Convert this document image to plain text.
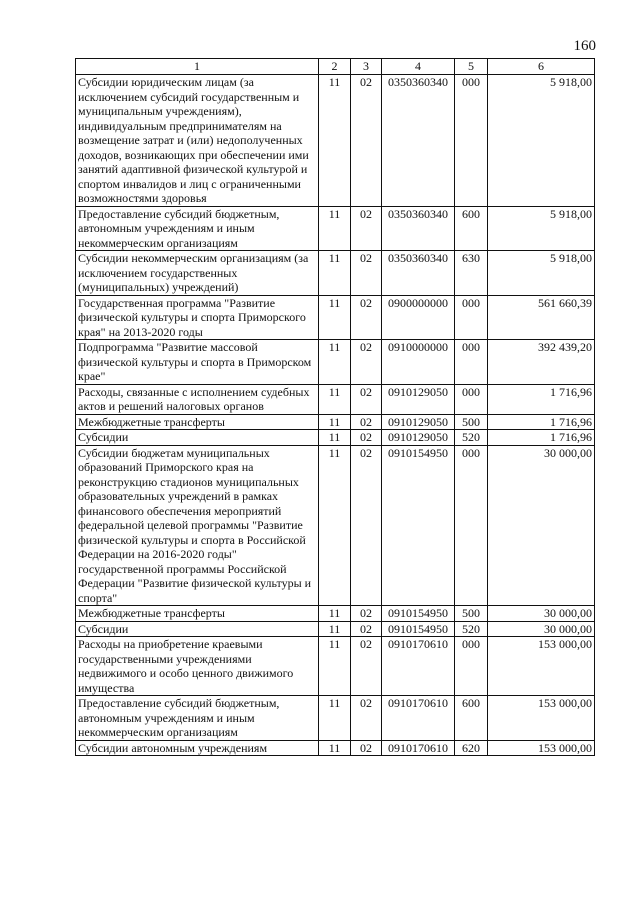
160
1	2	3	4	5	6
Субсидии юридическим лицам (за исключением субсидий государственным и муниципальным учреждениям), индивидуальным предпринимателям на возмещение затрат и (или) недополученных доходов, возникающих при обеспечении ими занятий адаптивной физической культурой и спортом инвалидов и лиц с ограниченными возможностями здоровья	11	02	0350360340	000	5 918,00
Предоставление субсидий бюджетным, автономным учреждениям и иным некоммерческим организациям	11	02	0350360340	600	5 918,00
Субсидии некоммерческим организациям (за исключением государственных (муниципальных) учреждений)	11	02	0350360340	630	5 918,00
Государственная программа "Развитие физической культуры и спорта Приморского края" на 2013-2020 годы	11	02	0900000000	000	561 660,39
Подпрограмма "Развитие массовой физической культуры и спорта в Приморском крае"	11	02	0910000000	000	392 439,20
Расходы, связанные с исполнением судебных актов и решений налоговых органов	11	02	0910129050	000	1 716,96
Межбюджетные трансферты	11	02	0910129050	500	1 716,96
Субсидии	11	02	0910129050	520	1 716,96
Субсидии бюджетам муниципальных образований Приморского края на реконструкцию стадионов муниципальных образовательных учреждений в рамках финансового обеспечения мероприятий федеральной целевой программы "Развитие физической культуры и спорта в Российской Федерации на 2016-2020 годы" государственной программы Российской Федерации "Развитие физической культуры и спорта"	11	02	0910154950	000	30 000,00
Межбюджетные трансферты	11	02	0910154950	500	30 000,00
Субсидии	11	02	0910154950	520	30 000,00
Расходы на приобретение краевыми государственными учреждениями недвижимого и особо ценного движимого имущества	11	02	0910170610	000	153 000,00
Предоставление субсидий бюджетным, автономным учреждениям и иным некоммерческим организациям	11	02	0910170610	600	153 000,00
Субсидии автономным учреждениям	11	02	0910170610	620	153 000,00
